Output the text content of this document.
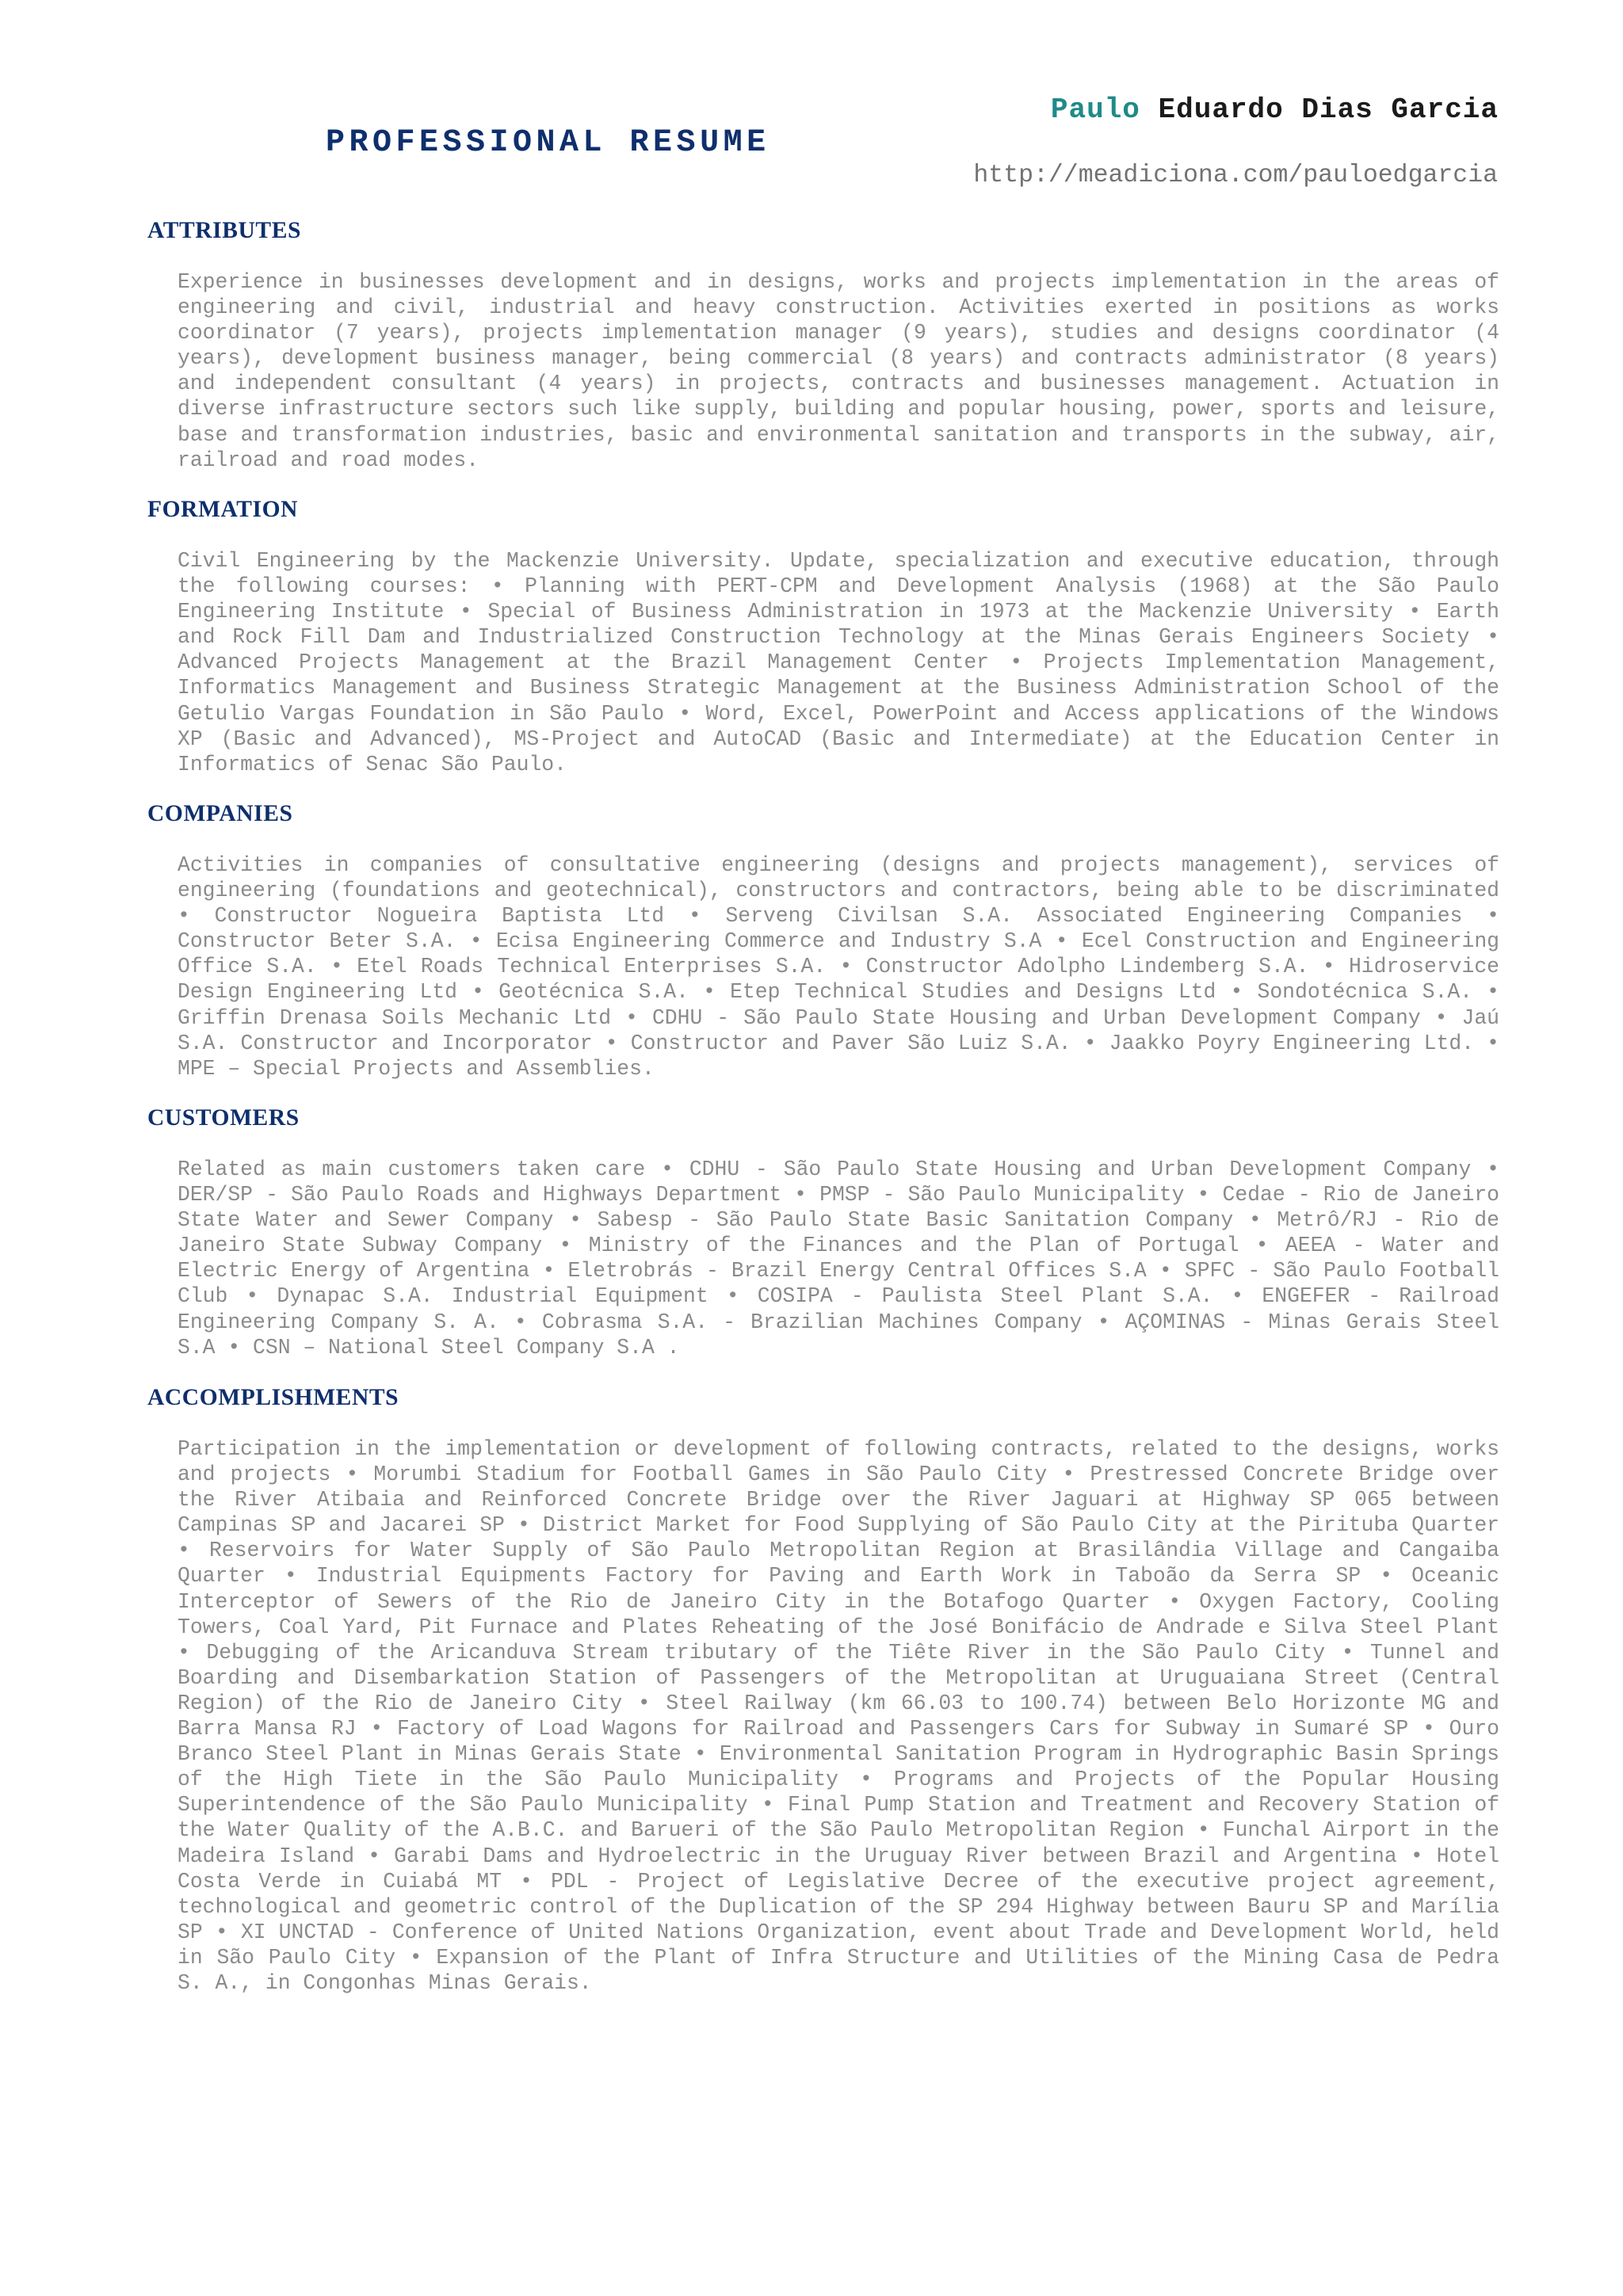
PROFESSIONAL RESUME

Paulo Eduardo Dias Garcia

http://meadiciona.com/pauloedgarcia
ATTRIBUTES

Experience in businesses development and in designs, works and projects implementation in the areas of engineering and civil, industrial and heavy construction. Activities exerted in positions as works coordinator (7 years), projects implementation manager (9 years), studies and designs coordinator (4 years), development business manager, being commercial (8 years) and contracts administrator (8 years) and independent consultant (4 years) in projects, contracts and businesses management. Actuation in diverse infrastructure sectors such like supply, building and popular housing, power, sports and leisure, base and transformation industries, basic and environmental sanitation and transports in the subway, air, railroad and road modes.

FORMATION

Civil Engineering by the Mackenzie University. Update, specialization and executive education, through the following courses: • Planning with PERT-CPM and Development Analysis (1968) at the São Paulo Engineering Institute • Special of Business Administration in 1973 at the Mackenzie University • Earth and Rock Fill Dam and Industrialized Construction Technology at the Minas Gerais Engineers Society • Advanced Projects Management at the Brazil Management Center • Projects Implementation Management, Informatics Management and Business Strategic Management at the Business Administration School of the Getulio Vargas Foundation in São Paulo • Word, Excel, PowerPoint and Access applications of the Windows XP (Basic and Advanced), MS-Project and AutoCAD (Basic and Intermediate) at the Education Center in Informatics of Senac São Paulo.

COMPANIES

Activities in companies of consultative engineering (designs and projects management), services of engineering (foundations and geotechnical), constructors and contractors, being able to be discriminated • Constructor Nogueira Baptista Ltd • Serveng Civilsan S.A. Associated Engineering Companies • Constructor Beter S.A. • Ecisa Engineering Commerce and Industry S.A • Ecel Construction and Engineering Office S.A. • Etel Roads Technical Enterprises S.A. • Constructor Adolpho Lindemberg S.A. • Hidroservice Design Engineering Ltd • Geotécnica S.A. • Etep Technical Studies and Designs Ltd • Sondotécnica S.A. • Griffin Drenasa Soils Mechanic Ltd • CDHU - São Paulo State Housing and Urban Development Company • Jaú S.A. Constructor and Incorporator • Constructor and Paver São Luiz S.A. • Jaakko Poyry Engineering Ltd. • MPE – Special Projects and Assemblies.

CUSTOMERS

Related as main customers taken care • CDHU - São Paulo State Housing and Urban Development Company • DER/SP - São Paulo Roads and Highways Department • PMSP - São Paulo Municipality • Cedae - Rio de Janeiro State Water and Sewer Company • Sabesp - São Paulo State Basic Sanitation Company • Metrô/RJ - Rio de Janeiro State Subway Company • Ministry of the Finances and the Plan of Portugal • AEEA - Water and Electric Energy of Argentina • Eletrobrás - Brazil Energy Central Offices S.A • SPFC - São Paulo Football Club • Dynapac S.A. Industrial Equipment • COSIPA - Paulista Steel Plant S.A. • ENGEFER - Railroad Engineering Company S. A. • Cobrasma S.A. - Brazilian Machines Company • AÇOMINAS - Minas Gerais Steel S.A • CSN – National Steel Company S.A .

ACCOMPLISHMENTS

Participation in the implementation or development of following contracts, related to the designs, works and projects • Morumbi Stadium for Football Games in São Paulo City • Prestressed Concrete Bridge over the River Atibaia and Reinforced Concrete Bridge over the River Jaguari at Highway SP 065 between Campinas SP and Jacarei SP • District Market for Food Supplying of São Paulo City at the Pirituba Quarter • Reservoirs for Water Supply of São Paulo Metropolitan Region at Brasilândia Village and Cangaiba Quarter • Industrial Equipments Factory for Paving and Earth Work in Taboão da Serra SP • Oceanic Interceptor of Sewers of the Rio de Janeiro City in the Botafogo Quarter • Oxygen Factory, Cooling Towers, Coal Yard, Pit Furnace and Plates Reheating of the José Bonifácio de Andrade e Silva Steel Plant • Debugging of the Aricanduva Stream tributary of the Tiête River in the São Paulo City • Tunnel and Boarding and Disembarkation Station of Passengers of the Metropolitan at Uruguaiana Street (Central Region) of the Rio de Janeiro City • Steel Railway (km 66.03 to 100.74) between Belo Horizonte MG and Barra Mansa RJ • Factory of Load Wagons for Railroad and Passengers Cars for Subway in Sumaré SP • Ouro Branco Steel Plant in Minas Gerais State • Environmental Sanitation Program in Hydrographic Basin Springs of the High Tiete in the São Paulo Municipality • Programs and Projects of the Popular Housing Superintendence of the São Paulo Municipality • Final Pump Station and Treatment and Recovery Station of the Water Quality of the A.B.C. and Barueri of the São Paulo Metropolitan Region • Funchal Airport in the Madeira Island • Garabi Dams and Hydroelectric in the Uruguay River between Brazil and Argentina • Hotel Costa Verde in Cuiabá MT • PDL - Project of Legislative Decree of the executive project agreement, technological and geometric control of the Duplication of the SP 294 Highway between Bauru SP and Marília SP • XI UNCTAD - Conference of United Nations Organization, event about Trade and Development World, held in São Paulo City • Expansion of the Plant of Infra Structure and Utilities of the Mining Casa de Pedra S. A., in Congonhas Minas Gerais.
